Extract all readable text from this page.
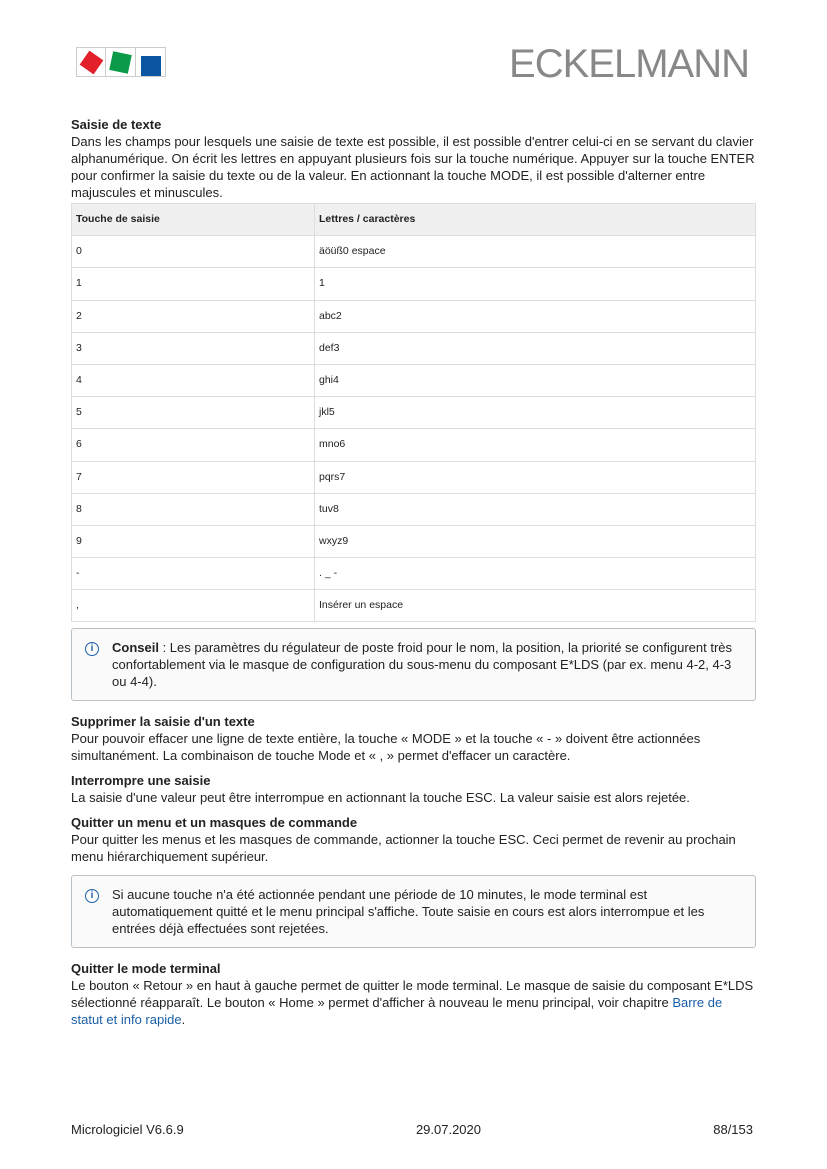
ECKELMANN
Saisie de texte

Dans les champs pour lesquels une saisie de texte est possible, il est possible d'entrer celui-ci en se servant du clavier alphanumérique. On écrit les lettres en appuyant plusieurs fois sur la touche numérique. Appuyer sur la touche ENTER pour confirmer la saisie du texte ou de la valeur. En actionnant la touche MODE, il est possible d'alterner entre majuscules et minuscules.

Touche de saisie	Lettres / caractères
0	äöüß0 espace
1	1
2	abc2
3	def3
4	ghi4
5	jkl5
6	mno6
7	pqrs7
8	tuv8
9	wxyz9
-	. _ -
,	Insérer un espace
i	Conseil : Les paramètres du régulateur de poste froid pour le nom, la position, la priorité se configurent très confortablement via le masque de configuration du sous-menu du composant E*LDS (par ex. menu 4-2, 4-3 ou 4-4).
Supprimer la saisie d'un texte

Pour pouvoir effacer une ligne de texte entière, la touche « MODE » et la touche « - » doivent être actionnées simultanément. La combinaison de touche Mode et « , » permet d'effacer un caractère.

Interrompre une saisie

La saisie d'une valeur peut être interrompue en actionnant la touche ESC. La valeur saisie est alors rejetée.

Quitter un menu et un masques de commande

Pour quitter les menus et les masques de commande, actionner la touche ESC. Ceci permet de revenir au prochain menu hiérarchiquement supérieur.

i	Si aucune touche n'a été actionnée pendant une période de 10 minutes, le mode terminal est automatiquement quitté et le menu principal s'affiche. Toute saisie en cours est alors interrompue et les entrées déjà effectuées sont rejetées.
Quitter le mode terminal

Le bouton « Retour » en haut à gauche permet de quitter le mode terminal. Le masque de saisie du composant E*LDS sélectionné réapparaît. Le bouton « Home » permet d'afficher à nouveau le menu principal, voir chapitre Barre de statut et info rapide.

Micrologiciel V6.6.9	29.07.2020	88/153
